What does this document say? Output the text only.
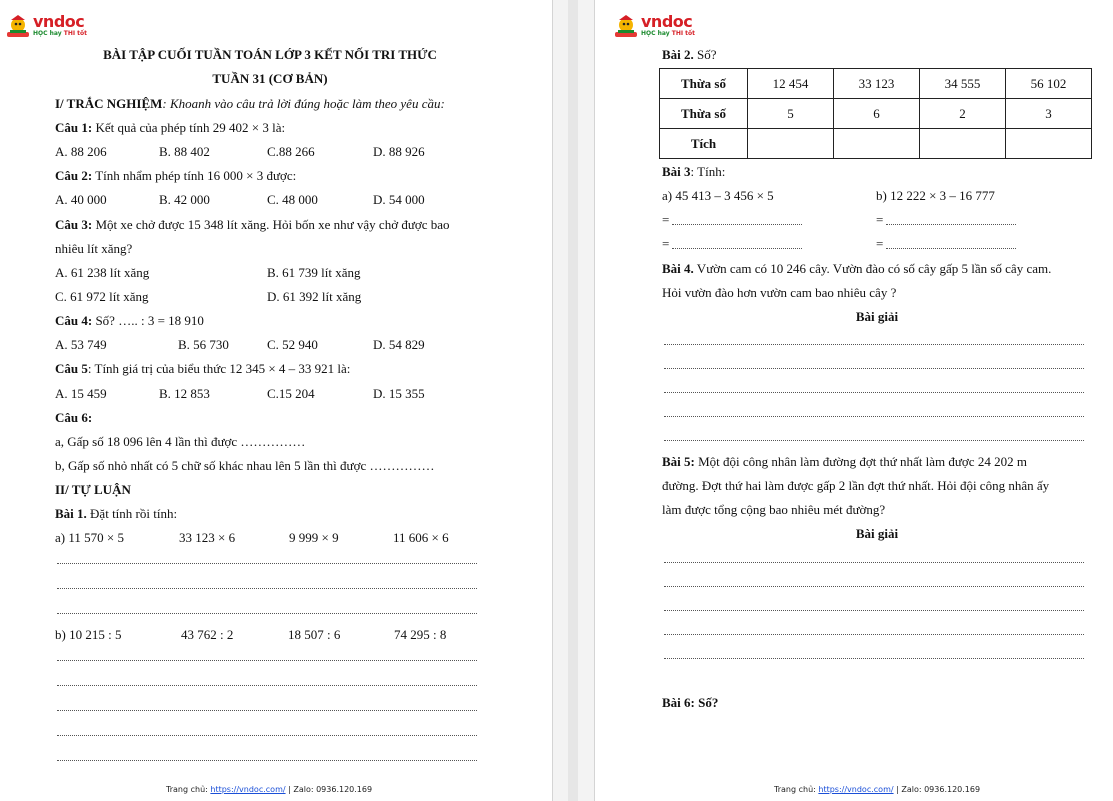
vndoc
HỌC hay THI tốt
BÀI TẬP CUỐI TUẦN TOÁN LỚP 3 KẾT NỐI TRI THỨC
TUẦN 31 (CƠ BẢN)
I/ TRẮC NGHIỆM: Khoanh vào câu trả lời đúng hoặc làm theo yêu cầu:
Câu 1: Kết quả của phép tính 29 402 × 3 là:
A. 88 206	B. 88 402	C.88 266	D. 88 926
Câu 2: Tính nhẩm phép tính 16 000 × 3 được:
A. 40 000	B. 42 000	C. 48 000	D. 54 000
Câu 3: Một xe chở được 15 348 lít xăng. Hỏi bốn xe như vậy chở được bao
nhiêu lít xăng?
A. 61 238 lít xăng	B. 61 739 lít xăng
C. 61 972 lít xăng	D. 61 392 lít xăng
Câu 4: Số? ….. : 3 = 18 910
A. 53 749	B. 56 730	C. 52 940	D. 54 829
Câu 5: Tính giá trị của biểu thức 12 345 × 4 – 33 921 là:
A. 15 459	B. 12 853	C.15 204	D. 15 355
Câu 6:
a, Gấp số 18 096 lên 4 lần thì được ……………
b, Gấp số nhỏ nhất có 5 chữ số khác nhau lên 5 lần thì được ……………
II/ TỰ LUẬN
Bài 1. Đặt tính rồi tính:
a) 11 570 × 5	33 123 × 6	9 999 × 9	11 606 × 6
b) 10 215 : 5	43 762 : 2	18 507 : 6	74 295 : 8
Trang chủ: https://vndoc.com/ | Zalo: 0936.120.169
vndoc
HỌC hay THI tốt
Bài 2. Số?
Thừa số	12 454	33 123	34 555	56 102
Thừa số	5	6	2	3
Tích				
Bài 3: Tính:
a) 45 413 – 3 456 × 5	b) 12 222 × 3 – 16 777
=	=
=	=
Bài 4. Vườn cam có 10 246 cây. Vườn đào có số cây gấp 5 lần số cây cam.
Hỏi vườn đào hơn vườn cam bao nhiêu cây ?
Bài giải
Bài 5: Một đội công nhân làm đường đợt thứ nhất làm được 24 202 m
đường. Đợt thứ hai làm được gấp 2 lần đợt thứ nhất. Hỏi đội công nhân ấy
làm được tổng cộng bao nhiêu mét đường?
Bài giải
Bài 6: Số?
Trang chủ: https://vndoc.com/ | Zalo: 0936.120.169
